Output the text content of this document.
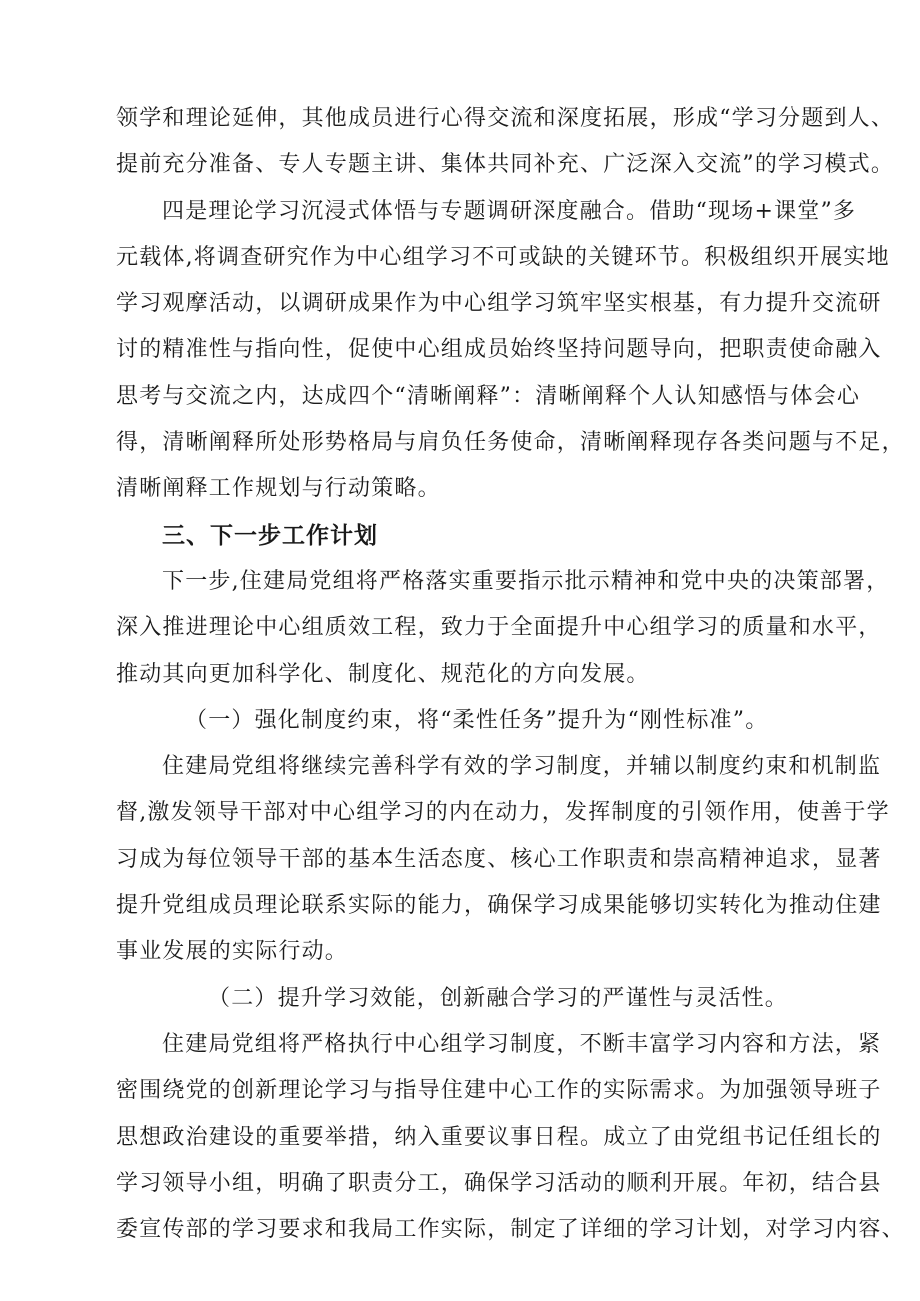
领学和理论延伸，其他成员进行心得交流和深度拓展，形成“学习分题到人、
提前充分准备、专人专题主讲、集体共同补充、广泛深入交流”的学习模式。
四是理论学习沉浸式体悟与专题调研深度融合。借助“现场+课堂”多
元载体,将调查研究作为中心组学习不可或缺的关键环节。积极组织开展实地
学习观摩活动，以调研成果作为中心组学习筑牢坚实根基，有力提升交流研
讨的精准性与指向性，促使中心组成员始终坚持问题导向，把职责使命融入
思考与交流之内，达成四个“清晰阐释”：清晰阐释个人认知感悟与体会心
得，清晰阐释所处形势格局与肩负任务使命，清晰阐释现存各类问题与不足，
清晰阐释工作规划与行动策略。
三、下一步工作计划
下一步,住建局党组将严格落实重要指示批示精神和党中央的决策部署，
深入推进理论中心组质效工程，致力于全面提升中心组学习的质量和水平，
推动其向更加科学化、制度化、规范化的方向发展。
（一）强化制度约束，将“柔性任务”提升为“刚性标准”。
住建局党组将继续完善科学有效的学习制度，并辅以制度约束和机制监
督,激发领导干部对中心组学习的内在动力，发挥制度的引领作用，使善于学
习成为每位领导干部的基本生活态度、核心工作职责和崇高精神追求，显著
提升党组成员理论联系实际的能力，确保学习成果能够切实转化为推动住建
事业发展的实际行动。
（二）提升学习效能，创新融合学习的严谨性与灵活性。
住建局党组将严格执行中心组学习制度，不断丰富学习内容和方法，紧
密围绕党的创新理论学习与指导住建中心工作的实际需求。为加强领导班子
思想政治建设的重要举措，纳入重要议事日程。成立了由党组书记任组长的
学习领导小组，明确了职责分工，确保学习活动的顺利开展。年初，结合县
委宣传部的学习要求和我局工作实际，制定了详细的学习计划，对学习内容、
